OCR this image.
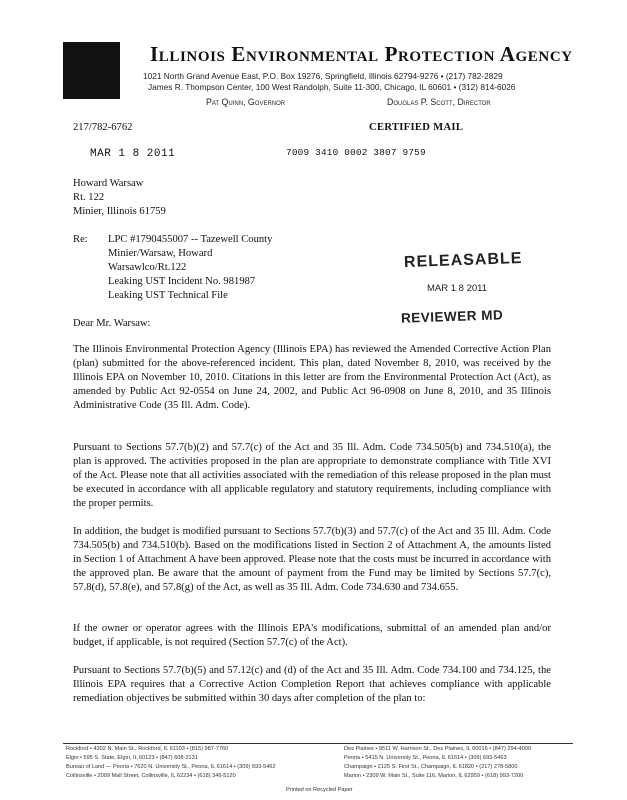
Illinois Environmental Protection Agency
1021 North Grand Avenue East, P.O. Box 19276, Springfield, Illinois 62794-9276 • (217) 782-2829
James R. Thompson Center, 100 West Randolph, Suite 11-300, Chicago, IL 60601 • (312) 814-6026
Pat Quinn, Governor	Douglas P. Scott, Director
217/782-6762	CERTIFIED MAIL
MAR 1 8 2011	7009 3410 0002 3807 9759
Howard Warsaw
Rt. 122
Minier, Illinois 61759
Re: LPC #1790455007 -- Tazewell County
Minier/Warsaw, Howard
Warsawlco/Rt.122
Leaking UST Incident No. 981987
Leaking UST Technical File
RELEASABLE
MAR 1 8 2011
REVIEWER MD
Dear Mr. Warsaw:
The Illinois Environmental Protection Agency (Illinois EPA) has reviewed the Amended Corrective Action Plan (plan) submitted for the above-referenced incident. This plan, dated November 8, 2010, was received by the Illinois EPA on November 10, 2010. Citations in this letter are from the Environmental Protection Act (Act), as amended by Public Act 92-0554 on June 24, 2002, and Public Act 96-0908 on June 8, 2010, and 35 Illinois Administrative Code (35 Ill. Adm. Code).
Pursuant to Sections 57.7(b)(2) and 57.7(c) of the Act and 35 Ill. Adm. Code 734.505(b) and 734.510(a), the plan is approved. The activities proposed in the plan are appropriate to demonstrate compliance with Title XVI of the Act. Please note that all activities associated with the remediation of this release proposed in the plan must be executed in accordance with all applicable regulatory and statutory requirements, including compliance with the proper permits.
In addition, the budget is modified pursuant to Sections 57.7(b)(3) and 57.7(c) of the Act and 35 Ill. Adm. Code 734.505(b) and 734.510(b). Based on the modifications listed in Section 2 of Attachment A, the amounts listed in Section 1 of Attachment A have been approved. Please note that the costs must be incurred in accordance with the approved plan. Be aware that the amount of payment from the Fund may be limited by Sections 57.7(c), 57.8(d), 57.8(e), and 57.8(g) of the Act, as well as 35 Ill. Adm. Code 734.630 and 734.655.
If the owner or operator agrees with the Illinois EPA's modifications, submittal of an amended plan and/or budget, if applicable, is not required (Section 57.7(c) of the Act).
Pursuant to Sections 57.7(b)(5) and 57.12(c) and (d) of the Act and 35 Ill. Adm. Code 734.100 and 734.125, the Illinois EPA requires that a Corrective Action Completion Report that achieves compliance with applicable remediation objectives be submitted within 30 days after completion of the plan to:
Rockford • 4302 N. Main St., Rockford, IL 61103 • (815) 987-7760
Elgin • 595 S. State, Elgin, IL 60123 • (847) 608-3131
Bureau of Land — Peoria • 7620 N. University St., Peoria, IL 61614 • (309) 693-5462
Collinsville • 2009 Mall Street, Collinsville, IL 62234 • (618) 346-5120
Des Plaines • 9511 W. Harrison St., Des Plaines, IL 60016 • (847) 294-4000
Peoria • 5415 N. University St., Peoria, IL 61614 • (309) 693-5463
Champaign • 2125 S. First St., Champaign, IL 61820 • (217) 278-5800
Marion • 2309 W. Main St., Suite 116, Marion, IL 62959 • (618) 993-7200
Printed on Recycled Paper
